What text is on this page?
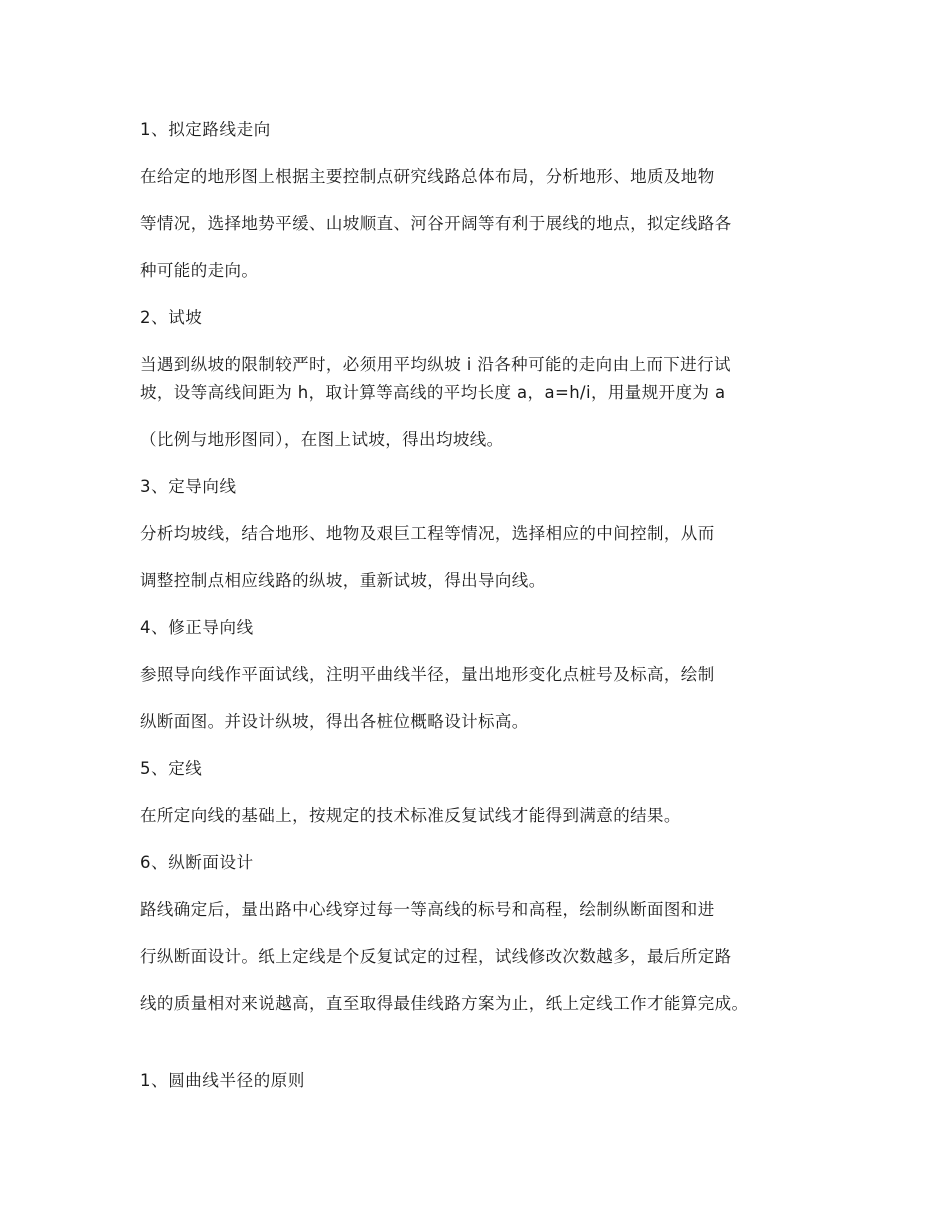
1、拟定路线走向
在给定的地形图上根据主要控制点研究线路总体布局，分析地形、地质及地物
等情况，选择地势平缓、山坡顺直、河谷开阔等有利于展线的地点，拟定线路各
种可能的走向。
2、试坡
当遇到纵坡的限制较严时，必须用平均纵坡 i 沿各种可能的走向由上而下进行试
坡，设等高线间距为 h，取计算等高线的平均长度 a，a=h/i，用量规开度为 a
（比例与地形图同），在图上试坡，得出均坡线。
3、定导向线
分析均坡线，结合地形、地物及艰巨工程等情况，选择相应的中间控制，从而
调整控制点相应线路的纵坡，重新试坡，得出导向线。
4、修正导向线
参照导向线作平面试线，注明平曲线半径，量出地形变化点桩号及标高，绘制
纵断面图。并设计纵坡，得出各桩位概略设计标高。
5、定线
在所定向线的基础上，按规定的技术标准反复试线才能得到满意的结果。
6、纵断面设计
路线确定后，量出路中心线穿过每一等高线的标号和高程，绘制纵断面图和进
行纵断面设计。纸上定线是个反复试定的过程，试线修改次数越多，最后所定路
线的质量相对来说越高，直至取得最佳线路方案为止，纸上定线工作才能算完成。
1、圆曲线半径的原则
